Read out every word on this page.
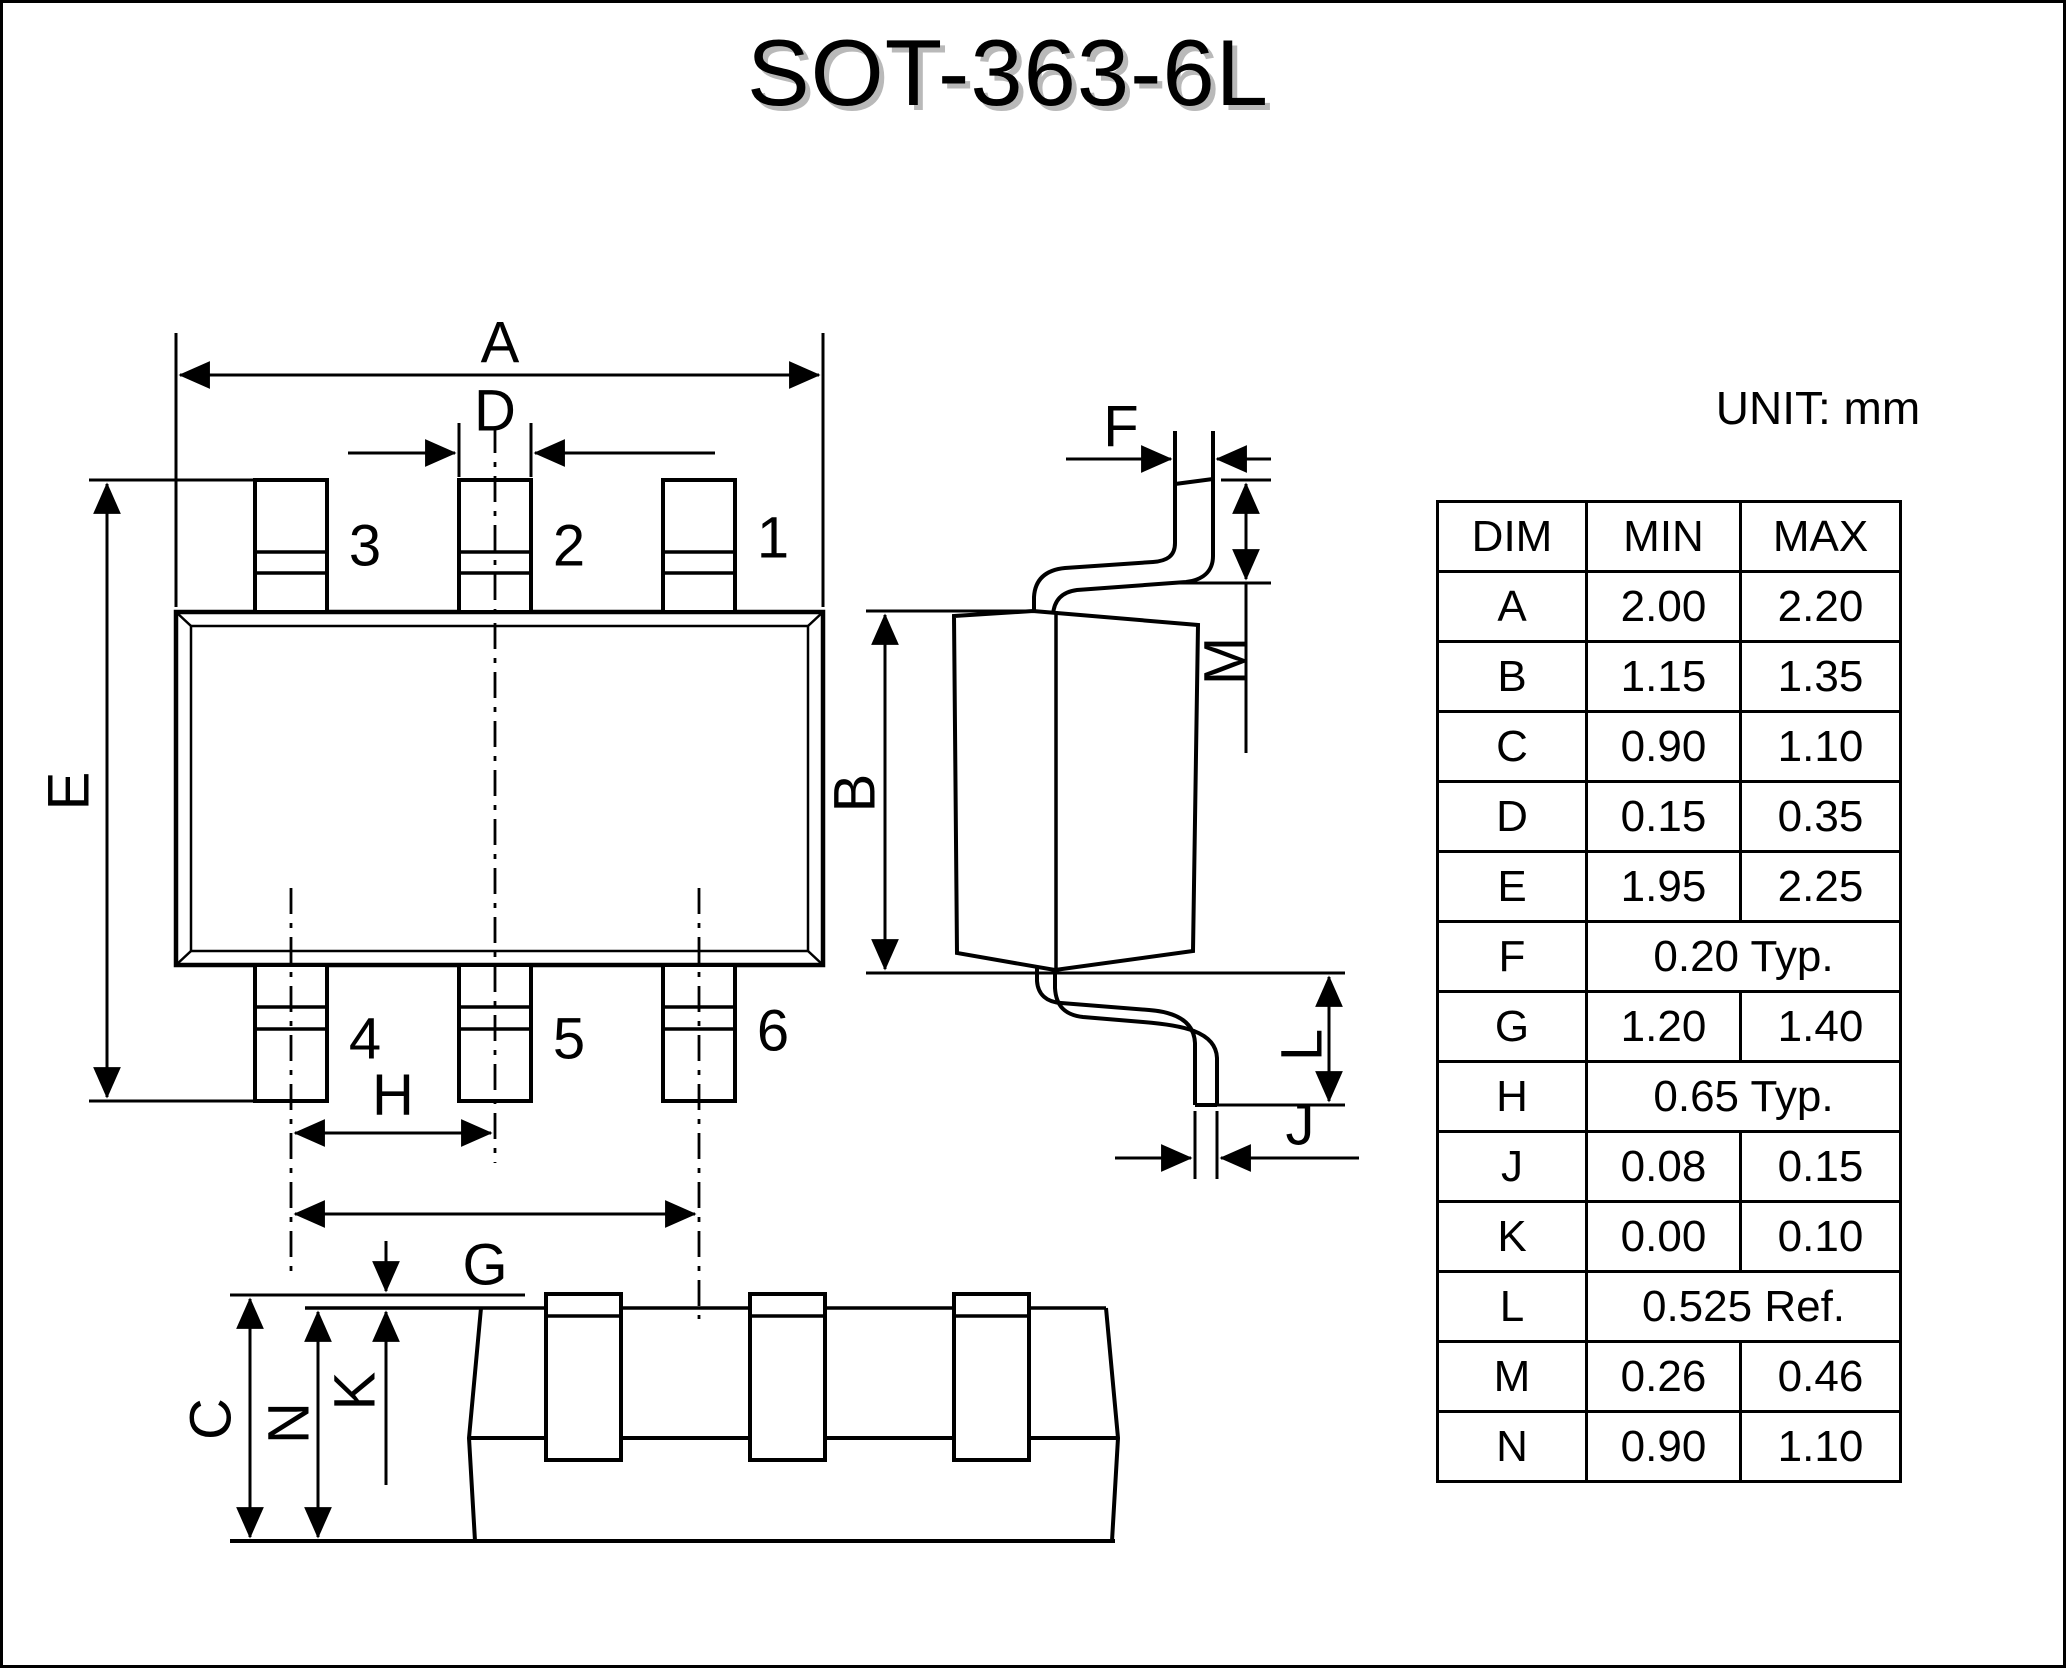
SOT-363-6L
UNIT: mm
A
D
E
H
G
3	2	1
4	5	6
B
F
M
L
J
C N
K
DIM	MIN	MAX
A	2.00	2.20
B	1.15	1.35
C	0.90	1.10
D	0.15	0.35
E	1.95	2.25
F	0.20 Typ.	
G	1.20	1.40
H	0.65 Typ.	
J	0.08	0.15
K	0.00	0.10
L	0.525 Ref.	
M	0.26	0.46
N	0.90	1.10
